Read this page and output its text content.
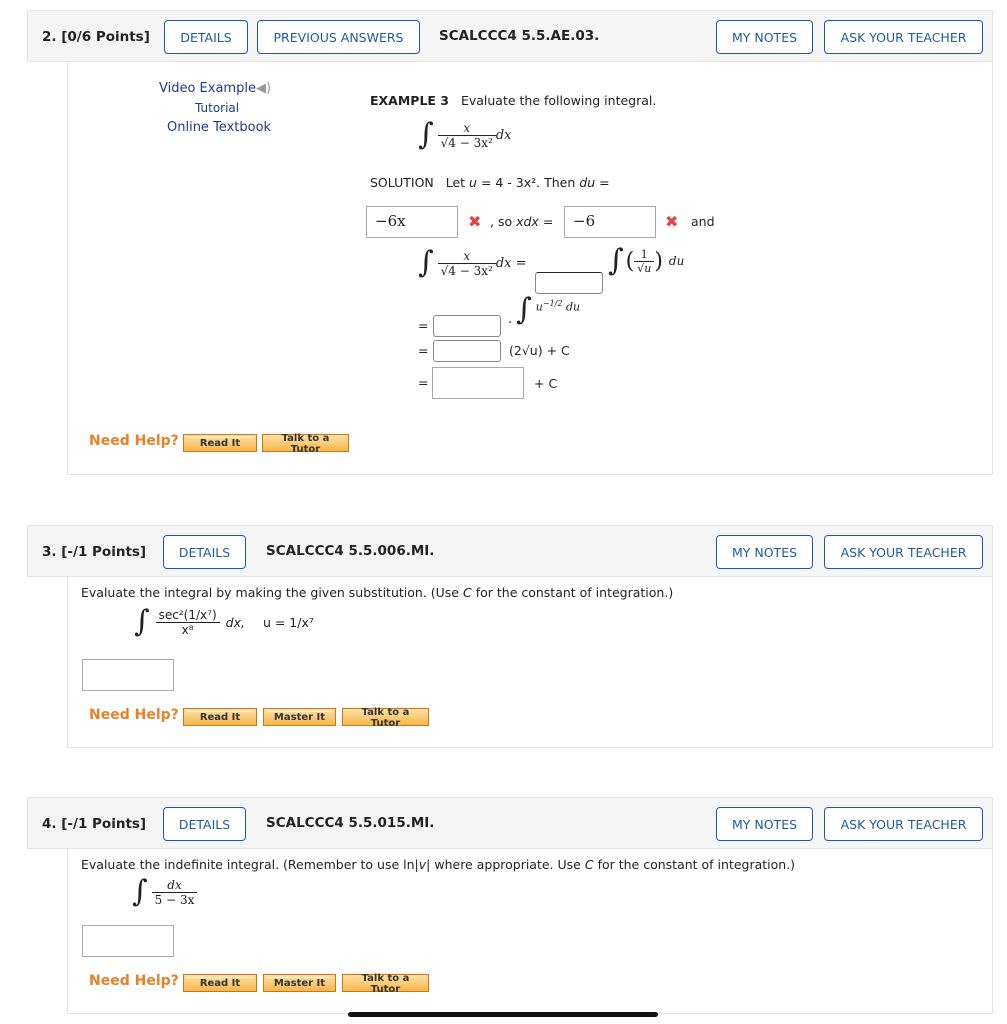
2. [0/6 Points]	DETAILS	PREVIOUS ANSWERS	SCALCCC4 5.5.AE.03.	MY NOTES	ASK YOUR TEACHER
Video Example◀)
Tutorial
Online Textbook
EXAMPLE 3 Evaluate the following integral.
∫ $\frac{x}{\text{√4 − 3x²}}$ dx
SOLUTION Let u = 4 - 3x². Then du =
−6x	✖ , so xdx = −6	✖ and
∫ $\frac{x}{\text{√4 − 3x²}}$ dx =	∫ ( $\frac{1}{√u}$ ) du
· ∫ $u^{-1/2}$ du
=
=	(2√u) + C
=	+ C
Need Help?	Read It	Talk to a Tutor
3. [-/1 Points]	DETAILS	SCALCCC4 5.5.006.MI.	MY NOTES	ASK YOUR TEACHER
Evaluate the integral by making the given substitution. (Use C for the constant of integration.)
∫ $\frac{\text{sec²(1/x⁷)}}{\text{x⁸}}$ dx, u = 1/x⁷
Need Help?	Read It	Master It	Talk to a Tutor
4. [-/1 Points]	DETAILS	SCALCCC4 5.5.015.MI.	MY NOTES	ASK YOUR TEACHER
Evaluate the indefinite integral. (Remember to use ln|v| where appropriate. Use C for the constant of integration.)
∫ $\frac{dx}{5 - 3x}$
Need Help?	Read It	Master It	Talk to a Tutor
